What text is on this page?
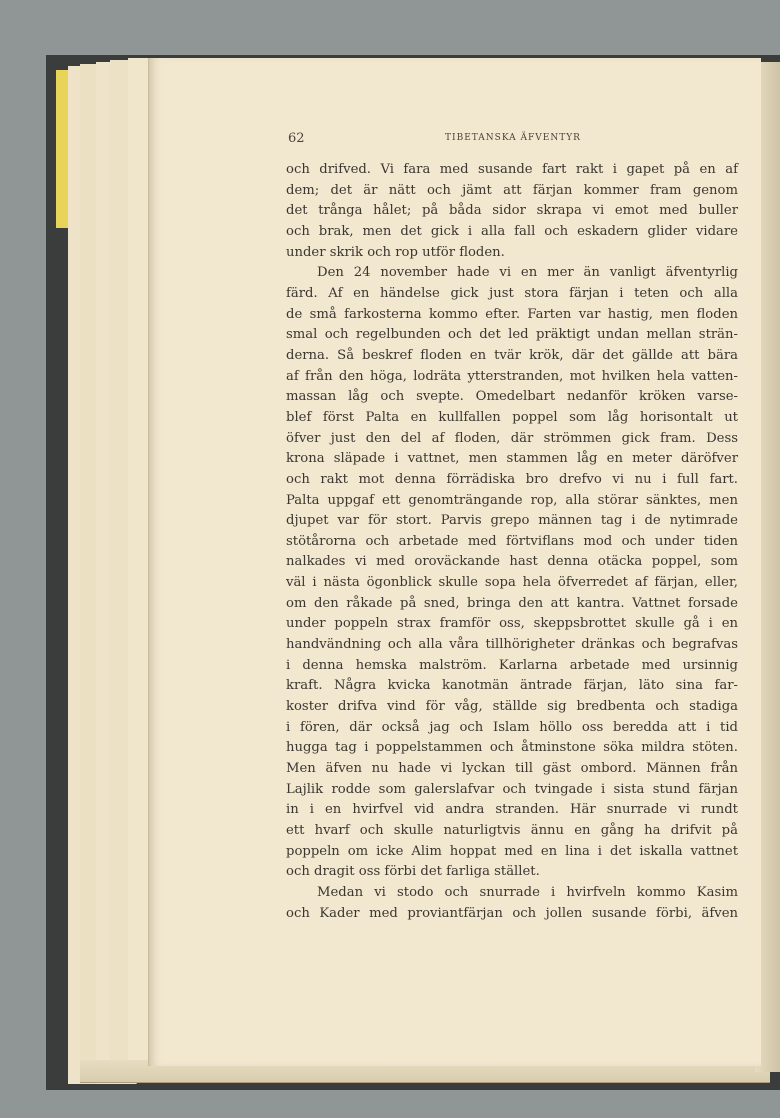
62	TIBETANSKA ÄFVENTYR
och drifved. Vi fara med susande fart rakt i gapet på en af
dem; det är nätt och jämt att färjan kommer fram genom
det trånga hålet; på båda sidor skrapa vi emot med buller
och brak, men det gick i alla fall och eskadern glider vidare
under skrik och rop utför floden.
Den 24 november hade vi en mer än vanligt äfventyrlig
färd. Af en händelse gick just stora färjan i teten och alla
de små farkosterna kommo efter. Farten var hastig, men floden
smal och regelbunden och det led präktigt undan mellan strän-
derna. Så beskref floden en tvär krök, där det gällde att bära
af från den höga, lodräta ytterstranden, mot hvilken hela vatten-
massan låg och svepte. Omedelbart nedanför kröken varse-
blef först Palta en kullfallen poppel som låg horisontalt ut
öfver just den del af floden, där strömmen gick fram. Dess
krona släpade i vattnet, men stammen låg en meter däröfver
och rakt mot denna förrädiska bro drefvo vi nu i full fart.
Palta uppgaf ett genomträngande rop, alla störar sänktes, men
djupet var för stort. Parvis grepo männen tag i de nytimrade
stötårorna och arbetade med förtviflans mod och under tiden
nalkades vi med oroväckande hast denna otäcka poppel, som
väl i nästa ögonblick skulle sopa hela öfverredet af färjan, eller,
om den råkade på sned, bringa den att kantra. Vattnet forsade
under poppeln strax framför oss, skeppsbrottet skulle gå i en
handvändning och alla våra tillhörigheter dränkas och begrafvas
i denna hemska malström. Karlarna arbetade med ursinnig
kraft. Några kvicka kanotmän äntrade färjan, läto sina far-
koster drifva vind för våg, ställde sig bredbenta och stadiga
i fören, där också jag och Islam höllo oss beredda att i tid
hugga tag i poppelstammen och åtminstone söka mildra stöten.
Men äfven nu hade vi lyckan till gäst ombord. Männen från
Lajlik rodde som galerslafvar och tvingade i sista stund färjan
in i en hvirfvel vid andra stranden. Här snurrade vi rundt
ett hvarf och skulle naturligtvis ännu en gång ha drifvit på
poppeln om icke Alim hoppat med en lina i det iskalla vattnet
och dragit oss förbi det farliga stället.
Medan vi stodo och snurrade i hvirfveln kommo Kasim
och Kader med proviantfärjan och jollen susande förbi, äfven
